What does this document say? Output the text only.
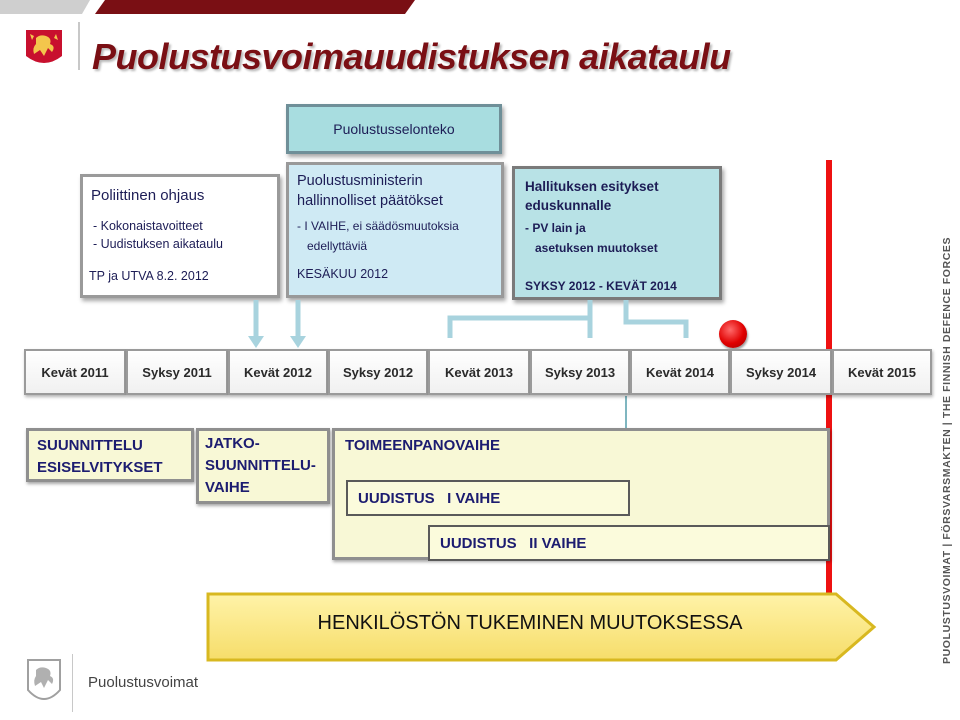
Puolustusvoimauudistuksen aikataulu
Puolustusselonteko
Poliittinen ohjaus
- Kokonaistavoitteet
- Uudistuksen aikataulu
TP ja UTVA 8.2. 2012
Puolustusministerin
hallinnolliset päätökset
- I VAIHE, ei säädösmuutoksia
edellyttäviä
KESÄKUU 2012
Hallituksen esitykset
eduskunnalle
- PV lain ja
asetuksen muutokset
SYKSY 2012 - KEVÄT 2014
Kevät 2011	Syksy 2011	Kevät 2012	Syksy 2012	Kevät 2013	Syksy 2013	Kevät 2014	Syksy 2014	Kevät 2015
SUUNNITTELU
ESISELVITYKSET
JATKO-
SUUNNITTELU-
VAIHE
TOIMEENPANOVAIHE
UUDISTUS   I VAIHE
UUDISTUS   II VAIHE
HENKILÖSTÖN TUKEMINEN MUUTOKSESSA	PUOLUSTUSVOIMAT | FÖRSVARSMAKTEN | THE FINNISH DEFENCE FORCES
Puolustusvoimat
